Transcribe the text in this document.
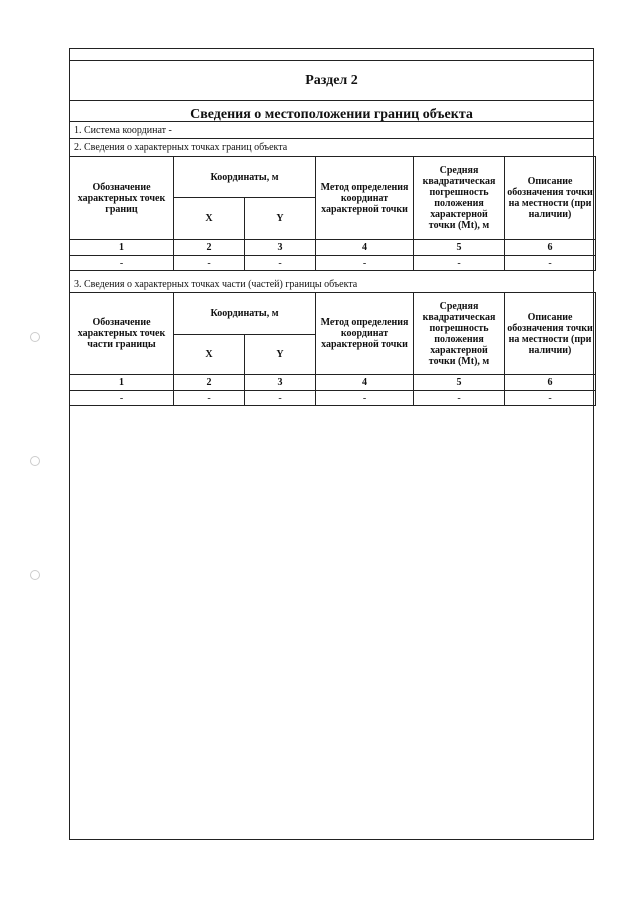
Раздел 2
Сведения о местоположении границ объекта
1. Система координат -
2. Сведения о характерных точках границ объекта
Обозначение характерных точек границ	Координаты, м		Метод определения координат характерной точки	Средняя квадратическая погрешность положения характерной точки (Mt), м	Описание обозначения точки на местности (при наличии)
	X	Y			
1	2	3	4	5	6
-	-	-	-	-	-
3. Сведения о характерных точках части (частей) границы объекта
Обозначение характерных точек части границы	Координаты, м		Метод определения координат характерной точки	Средняя квадратическая погрешность положения характерной точки (Mt), м	Описание обозначения точки на местности (при наличии)
	X	Y			
1	2	3	4	5	6
-	-	-	-	-	-
